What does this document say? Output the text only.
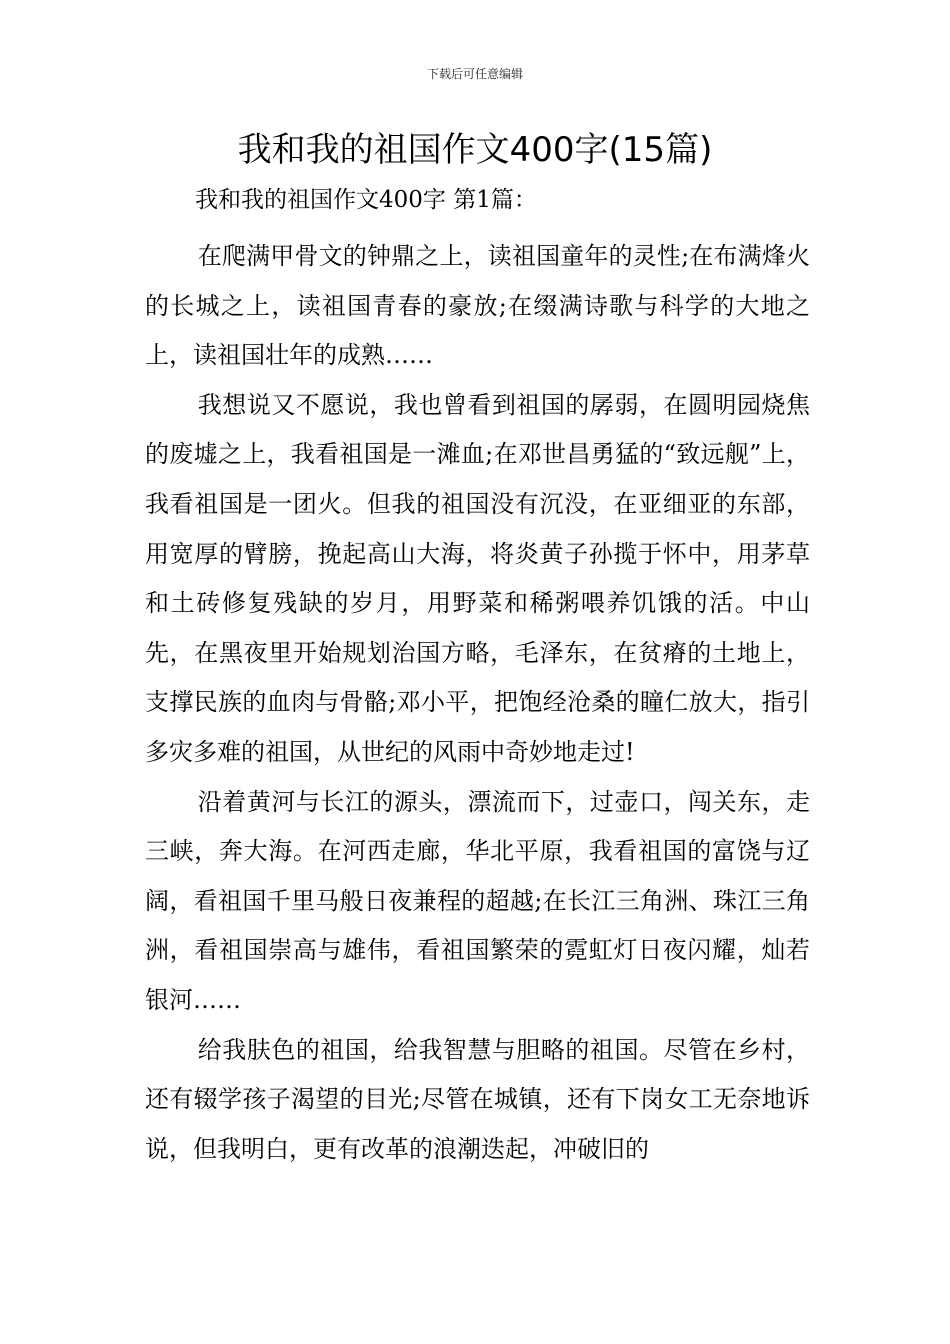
下载后可任意编辑
我和我的祖国作文400字(15篇)
我和我的祖国作文400字 第1篇：

在爬满甲骨文的钟鼎之上，读祖国童年的灵性;在布满烽火的长城之上，读祖国青春的豪放;在缀满诗歌与科学的大地之上，读祖国壮年的成熟……

我想说又不愿说，我也曾看到祖国的孱弱，在圆明园烧焦的废墟之上，我看祖国是一滩血;在邓世昌勇猛的“致远舰”上，我看祖国是一团火。但我的祖国没有沉没，在亚细亚的东部，用宽厚的臂膀，挽起高山大海，将炎黄子孙揽于怀中，用茅草和土砖修复残缺的岁月，用野菜和稀粥喂养饥饿的活。中山先，在黑夜里开始规划治国方略，毛泽东，在贫瘠的土地上，支撑民族的血肉与骨骼;邓小平，把饱经沧桑的瞳仁放大，指引多灾多难的祖国，从世纪的风雨中奇妙地走过!

沿着黄河与长江的源头，漂流而下，过壶口，闯关东，走三峡，奔大海。在河西走廊，华北平原，我看祖国的富饶与辽阔，看祖国千里马般日夜兼程的超越;在长江三角洲、珠江三角洲，看祖国崇高与雄伟，看祖国繁荣的霓虹灯日夜闪耀，灿若银河……

给我肤色的祖国，给我智慧与胆略的祖国。尽管在乡村，还有辍学孩子渴望的目光;尽管在城镇，还有下岗女工无奈地诉说，但我明白，更有改革的浪潮迭起，冲破旧的
